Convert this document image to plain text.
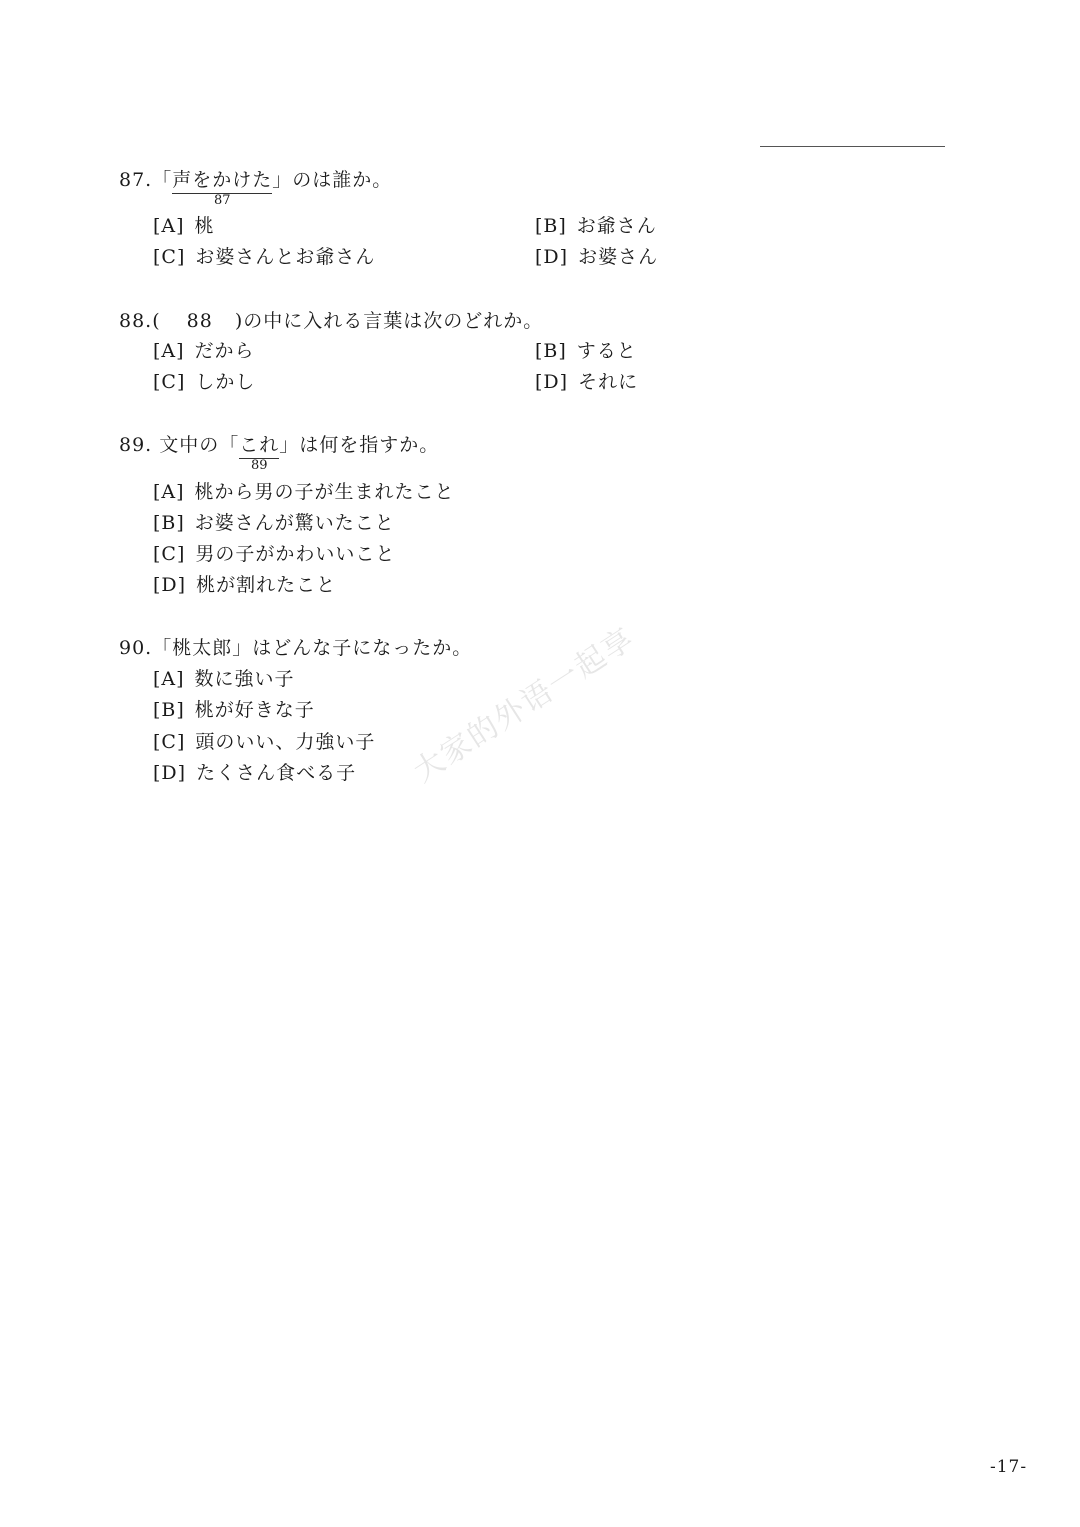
87.「声をかけた
87
」のは誰か。
[A] 桃	[B] お爺さん
[C] お婆さんとお爺さん	[D] お婆さん
88.( 88 )の中に入れる言葉は次のどれか。
[A] だから	[B] すると
[C] しかし	[D] それに
89. 文中の「これ
89
」は何を指すか。
[A] 桃から男の子が生まれたこと
[B] お婆さんが驚いたこと
[C] 男の子がかわいいこと
[D] 桃が割れたこと
90.「桃太郎」はどんな子になったか。
[A] 数に強い子
[B] 桃が好きな子
[C] 頭のいい、力強い子
[D] たくさん食べる子 大家的外语一起享
-17-
